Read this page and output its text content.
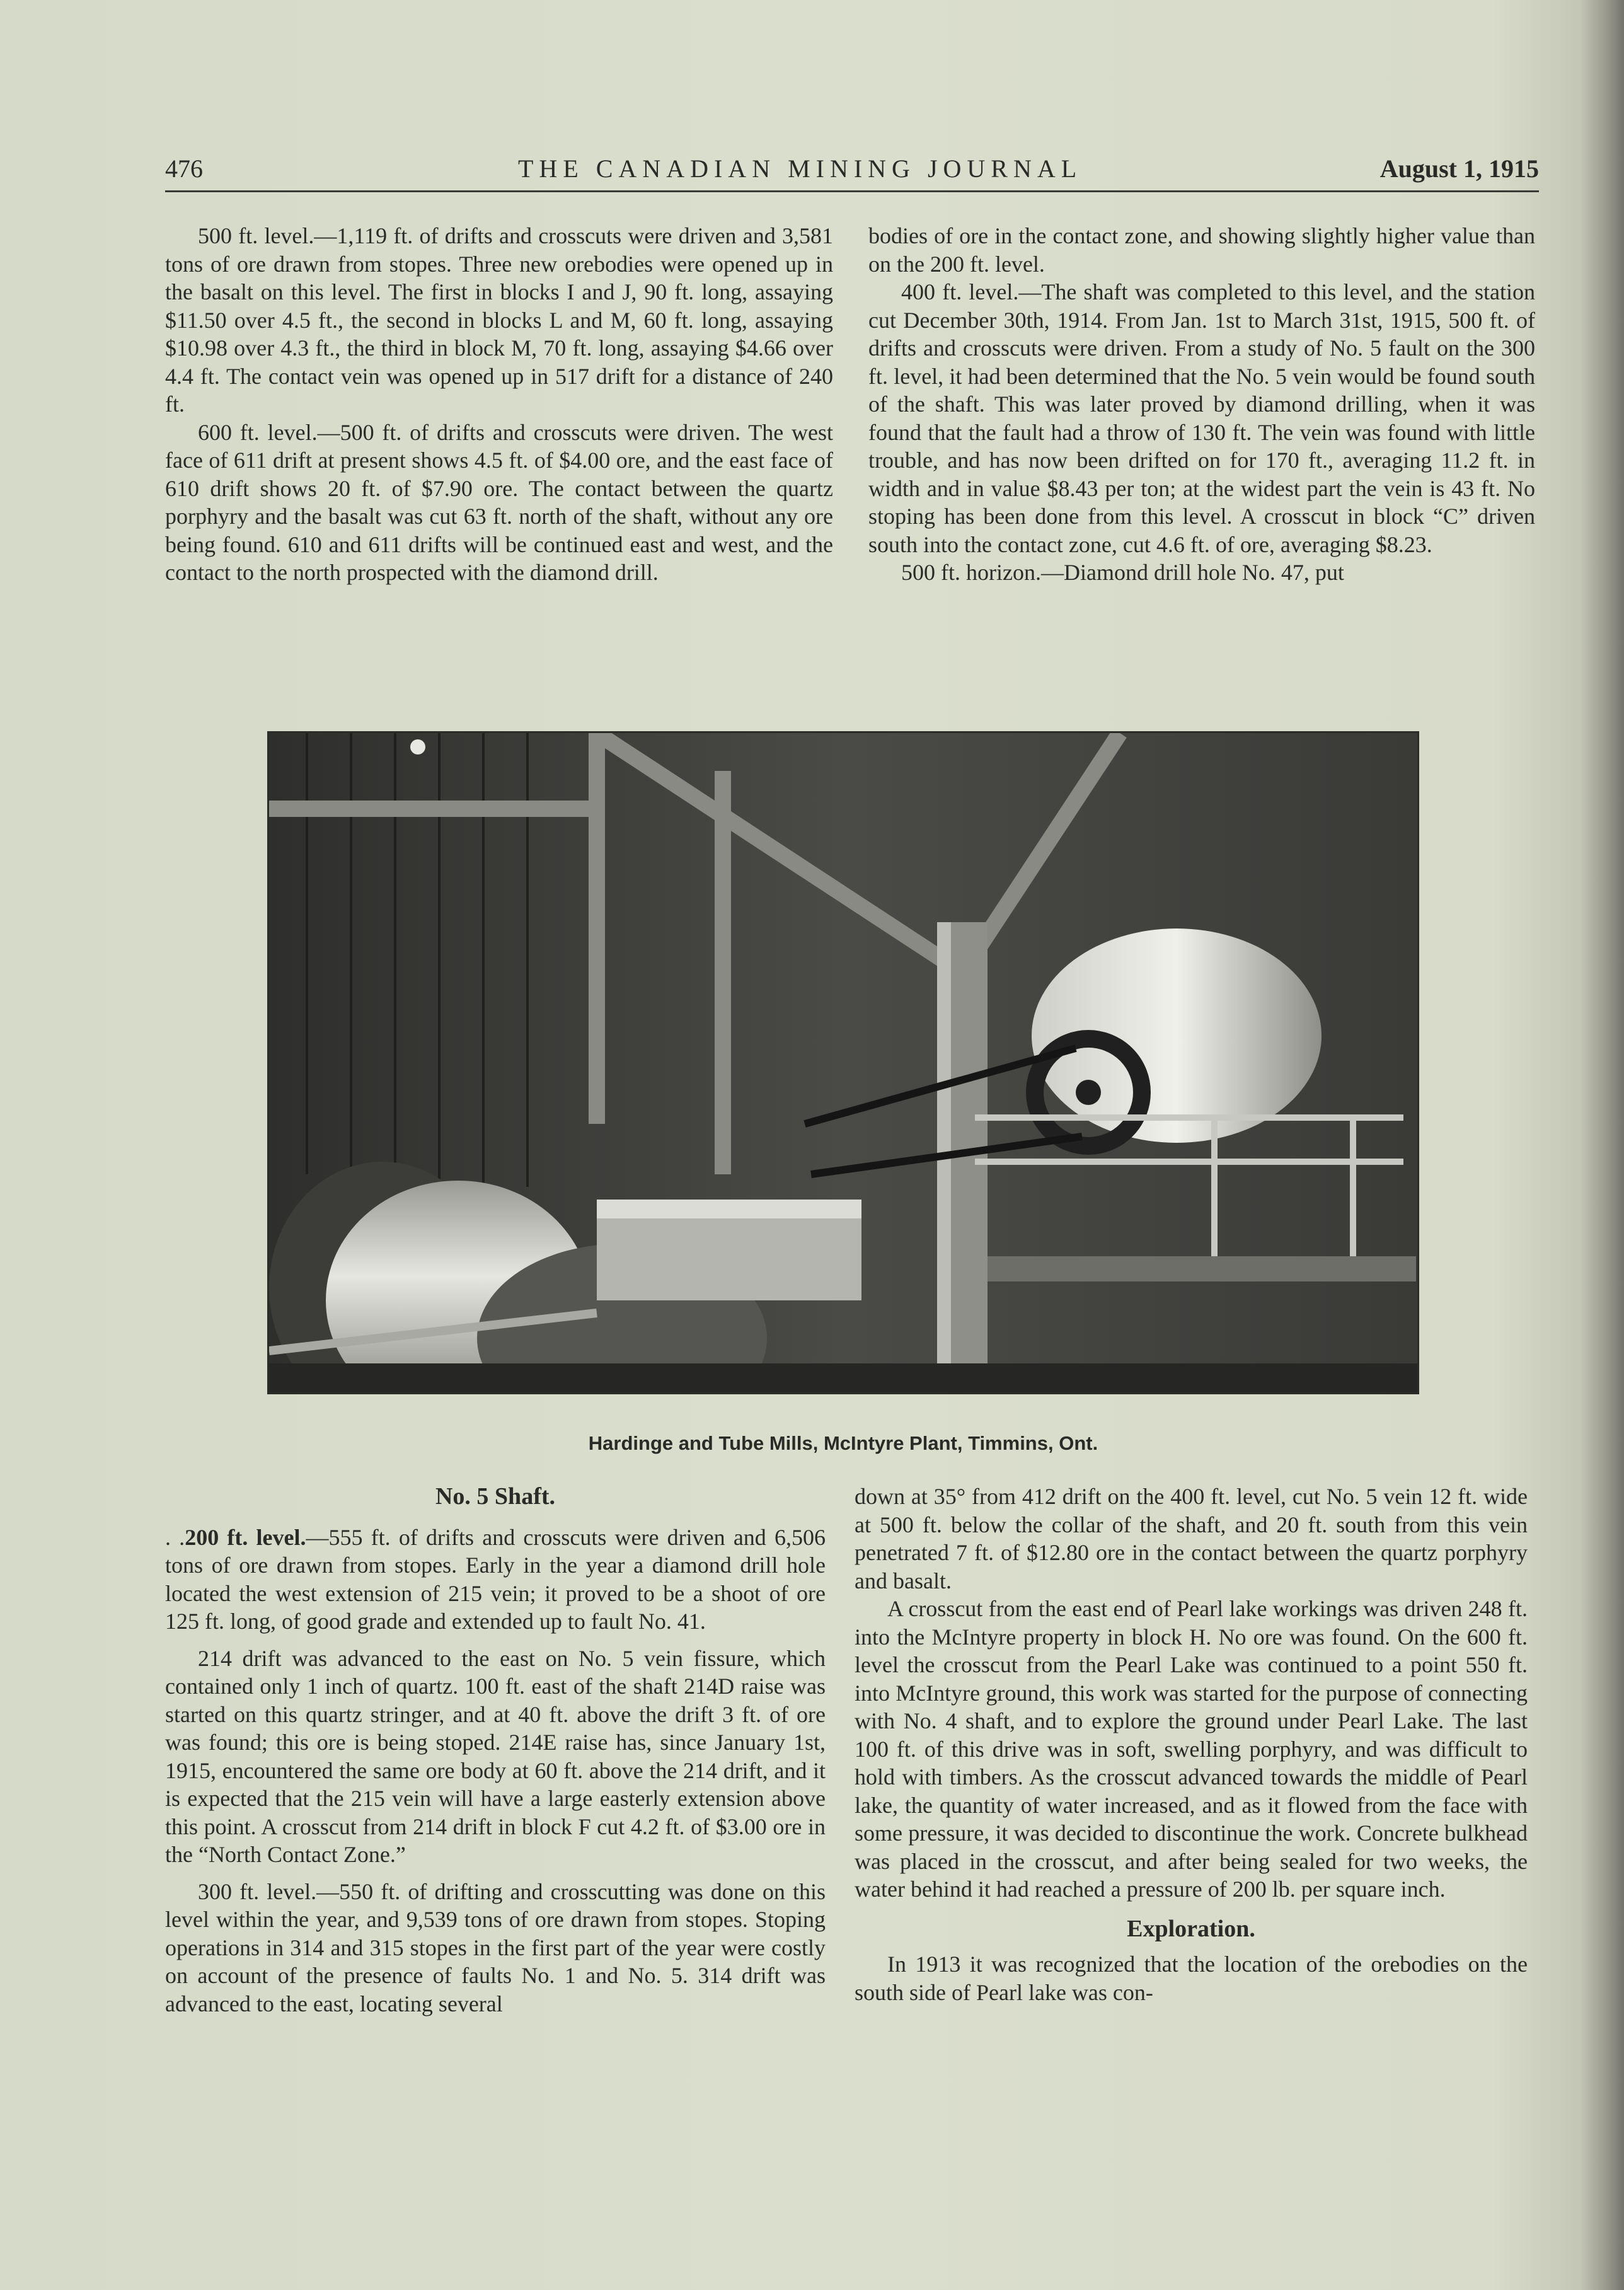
476	THE CANADIAN MINING JOURNAL	August 1, 1915

500 ft. level.—1,119 ft. of drifts and crosscuts were driven and 3,581 tons of ore drawn from stopes. Three new orebodies were opened up in the basalt on this level. The first in blocks I and J, 90 ft. long, assaying $11.50 over 4.5 ft., the second in blocks L and M, 60 ft. long, assaying $10.98 over 4.3 ft., the third in block M, 70 ft. long, assaying $4.66 over 4.4 ft. The contact vein was opened up in 517 drift for a distance of 240 ft.

600 ft. level.—500 ft. of drifts and crosscuts were driven. The west face of 611 drift at present shows 4.5 ft. of $4.00 ore, and the east face of 610 drift shows 20 ft. of $7.90 ore. The contact between the quartz porphyry and the basalt was cut 63 ft. north of the shaft, without any ore being found. 610 and 611 drifts will be continued east and west, and the contact to the north prospected with the diamond drill.

bodies of ore in the contact zone, and showing slightly higher value than on the 200 ft. level.

400 ft. level.—The shaft was completed to this level, and the station cut December 30th, 1914. From Jan. 1st to March 31st, 1915, 500 ft. of drifts and crosscuts were driven. From a study of No. 5 fault on the 300 ft. level, it had been determined that the No. 5 vein would be found south of the shaft. This was later proved by diamond drilling, when it was found that the fault had a throw of 130 ft. The vein was found with little trouble, and has now been drifted on for 170 ft., averaging 11.2 ft. in width and in value $8.43 per ton; at the widest part the vein is 43 ft. No stoping has been done from this level. A crosscut in block “C” driven south into the contact zone, cut 4.6 ft. of ore, averaging $8.23.

500 ft. horizon.—Diamond drill hole No. 47, put

Hardinge and Tube Mills, McIntyre Plant, Timmins, Ont.
No. 5 Shaft.

. .200 ft. level.—555 ft. of drifts and crosscuts were driven and 6,506 tons of ore drawn from stopes. Early in the year a diamond drill hole located the west extension of 215 vein; it proved to be a shoot of ore 125 ft. long, of good grade and extended up to fault No. 41.

214 drift was advanced to the east on No. 5 vein fissure, which contained only 1 inch of quartz. 100 ft. east of the shaft 214D raise was started on this quartz stringer, and at 40 ft. above the drift 3 ft. of ore was found; this ore is being stoped. 214E raise has, since January 1st, 1915, encountered the same ore body at 60 ft. above the 214 drift, and it is expected that the 215 vein will have a large easterly extension above this point. A crosscut from 214 drift in block F cut 4.2 ft. of $3.00 ore in the “North Contact Zone.”

300 ft. level.—550 ft. of drifting and crosscutting was done on this level within the year, and 9,539 tons of ore drawn from stopes. Stoping operations in 314 and 315 stopes in the first part of the year were costly on account of the presence of faults No. 1 and No. 5. 314 drift was advanced to the east, locating several

down at 35° from 412 drift on the 400 ft. level, cut No. 5 vein 12 ft. wide at 500 ft. below the collar of the shaft, and 20 ft. south from this vein penetrated 7 ft. of $12.80 ore in the contact between the quartz porphyry and basalt.

A crosscut from the east end of Pearl lake workings was driven 248 ft. into the McIntyre property in block H. No ore was found. On the 600 ft. level the crosscut from the Pearl Lake was continued to a point 550 ft. into McIntyre ground, this work was started for the purpose of connecting with No. 4 shaft, and to explore the ground under Pearl Lake. The last 100 ft. of this drive was in soft, swelling porphyry, and was difficult to hold with timbers. As the crosscut advanced towards the middle of Pearl lake, the quantity of water increased, and as it flowed from the face with some pressure, it was decided to discontinue the work. Concrete bulkhead was placed in the crosscut, and after being sealed for two weeks, the water behind it had reached a pressure of 200 lb. per square inch.

Exploration.

In 1913 it was recognized that the location of the orebodies on the south side of Pearl lake was con-
